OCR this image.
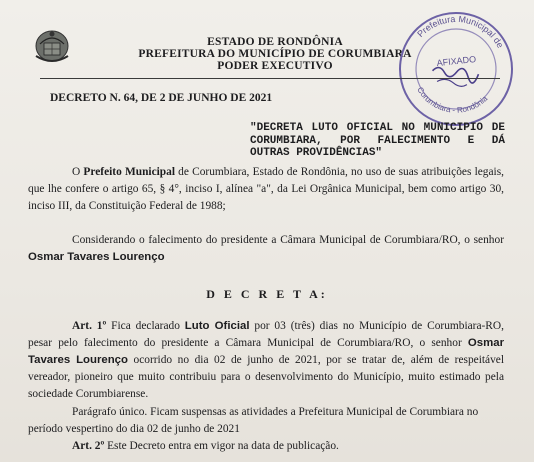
ESTADO DE RONDÔNIA
PREFEITURA DO MUNICÍPIO DE CORUMBIARA
PODER EXECUTIVO
Prefeitura Municipal de
Corumbiara - Rondônia
AFIXADO
DECRETO N. 64, DE 2 DE JUNHO DE 2021
"DECRETA LUTO OFICIAL NO MUNICIPIO DE CORUMBIARA, POR FALECIMENTO E DÁ OUTRAS PROVIDÊNCIAS"
O Prefeito Municipal de Corumbiara, Estado de Rondônia, no uso de suas atribuições legais, que lhe confere o artigo 65, § 4°, inciso I, alínea "a", da Lei Orgânica Municipal, bem como artigo 30, inciso III, da Constituição Federal de 1988;
Considerando o falecimento do presidente a Câmara Municipal de Corumbiara/RO, o senhor Osmar Tavares Lourenço
D E C R E T A:
Art. 1º Fica declarado Luto Oficial por 03 (três) dias no Município de Corumbiara-RO, pesar pelo falecimento do presidente a Câmara Municipal de Corumbiara/RO, o senhor Osmar Tavares Lourenço ocorrido no dia 02 de junho de 2021, por se tratar de, além de respeitável vereador, pioneiro que muito contribuiu para o desenvolvimento do Município, muito estimado pela sociedade Corumbiarense.
Parágrafo único. Ficam suspensas as atividades a Prefeitura Municipal de Corumbiara no período vespertino do dia 02 de junho de 2021
Art. 2º Este Decreto entra em vigor na data de publicação.
